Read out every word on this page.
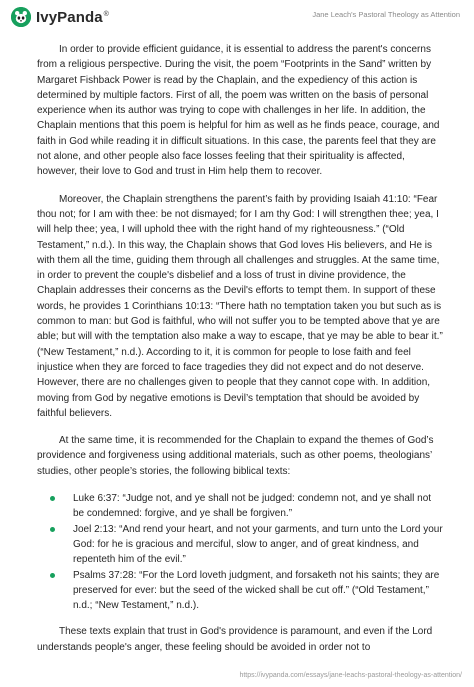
IvyPanda®	Jane Leach's Pastoral Theology as Attention

In order to provide efficient guidance, it is essential to address the parent's concerns from a religious perspective. During the visit, the poem “Footprints in the Sand” written by Margaret Fishback Power is read by the Chaplain, and the expediency of this action is determined by multiple factors. First of all, the poem was written on the basis of personal experience when its author was trying to cope with challenges in her life. In addition, the Chaplain mentions that this poem is helpful for him as well as he finds peace, courage, and faith in God while reading it in difficult situations. In this case, the parents feel that they are not alone, and other people also face losses feeling that their spirituality is affected, however, their love to God and trust in Him help them to recover.

Moreover, the Chaplain strengthens the parent’s faith by providing Isaiah 41:10: “Fear thou not; for I am with thee: be not dismayed; for I am thy God: I will strengthen thee; yea, I will help thee; yea, I will uphold thee with the right hand of my righteousness.” (“Old Testament,” n.d.). In this way, the Chaplain shows that God loves His believers, and He is with them all the time, guiding them through all challenges and struggles. At the same time, in order to prevent the couple's disbelief and a loss of trust in divine providence, the Chaplain addresses their concerns as the Devil's efforts to tempt them. In support of these words, he provides 1 Corinthians 10:13: “There hath no temptation taken you but such as is common to man: but God is faithful, who will not suffer you to be tempted above that ye are able; but will with the temptation also make a way to escape, that ye may be able to bear it.” (“New Testament,” n.d.). According to it, it is common for people to lose faith and feel injustice when they are forced to face tragedies they did not expect and do not deserve. However, there are no challenges given to people that they cannot cope with. In addition, moving from God by negative emotions is Devil’s temptation that should be avoided by faithful believers.

At the same time, it is recommended for the Chaplain to expand the themes of God’s providence and forgiveness using additional materials, such as other poems, theologians’ studies, other people’s stories, the following biblical texts:

Luke 6:37: “Judge not, and ye shall not be judged: condemn not, and ye shall not be condemned: forgive, and ye shall be forgiven.”
Joel 2:13: “And rend your heart, and not your garments, and turn unto the Lord your God: for he is gracious and merciful, slow to anger, and of great kindness, and repenteth him of the evil.”
Psalms 37:28: “For the Lord loveth judgment, and forsaketh not his saints; they are preserved for ever: but the seed of the wicked shall be cut off.” (“Old Testament,” n.d.; “New Testament,” n.d.).

These texts explain that trust in God's providence is paramount, and even if the Lord understands people's anger, these feeling should be avoided in order not to

https://ivypanda.com/essays/jane-leachs-pastoral-theology-as-attention/
